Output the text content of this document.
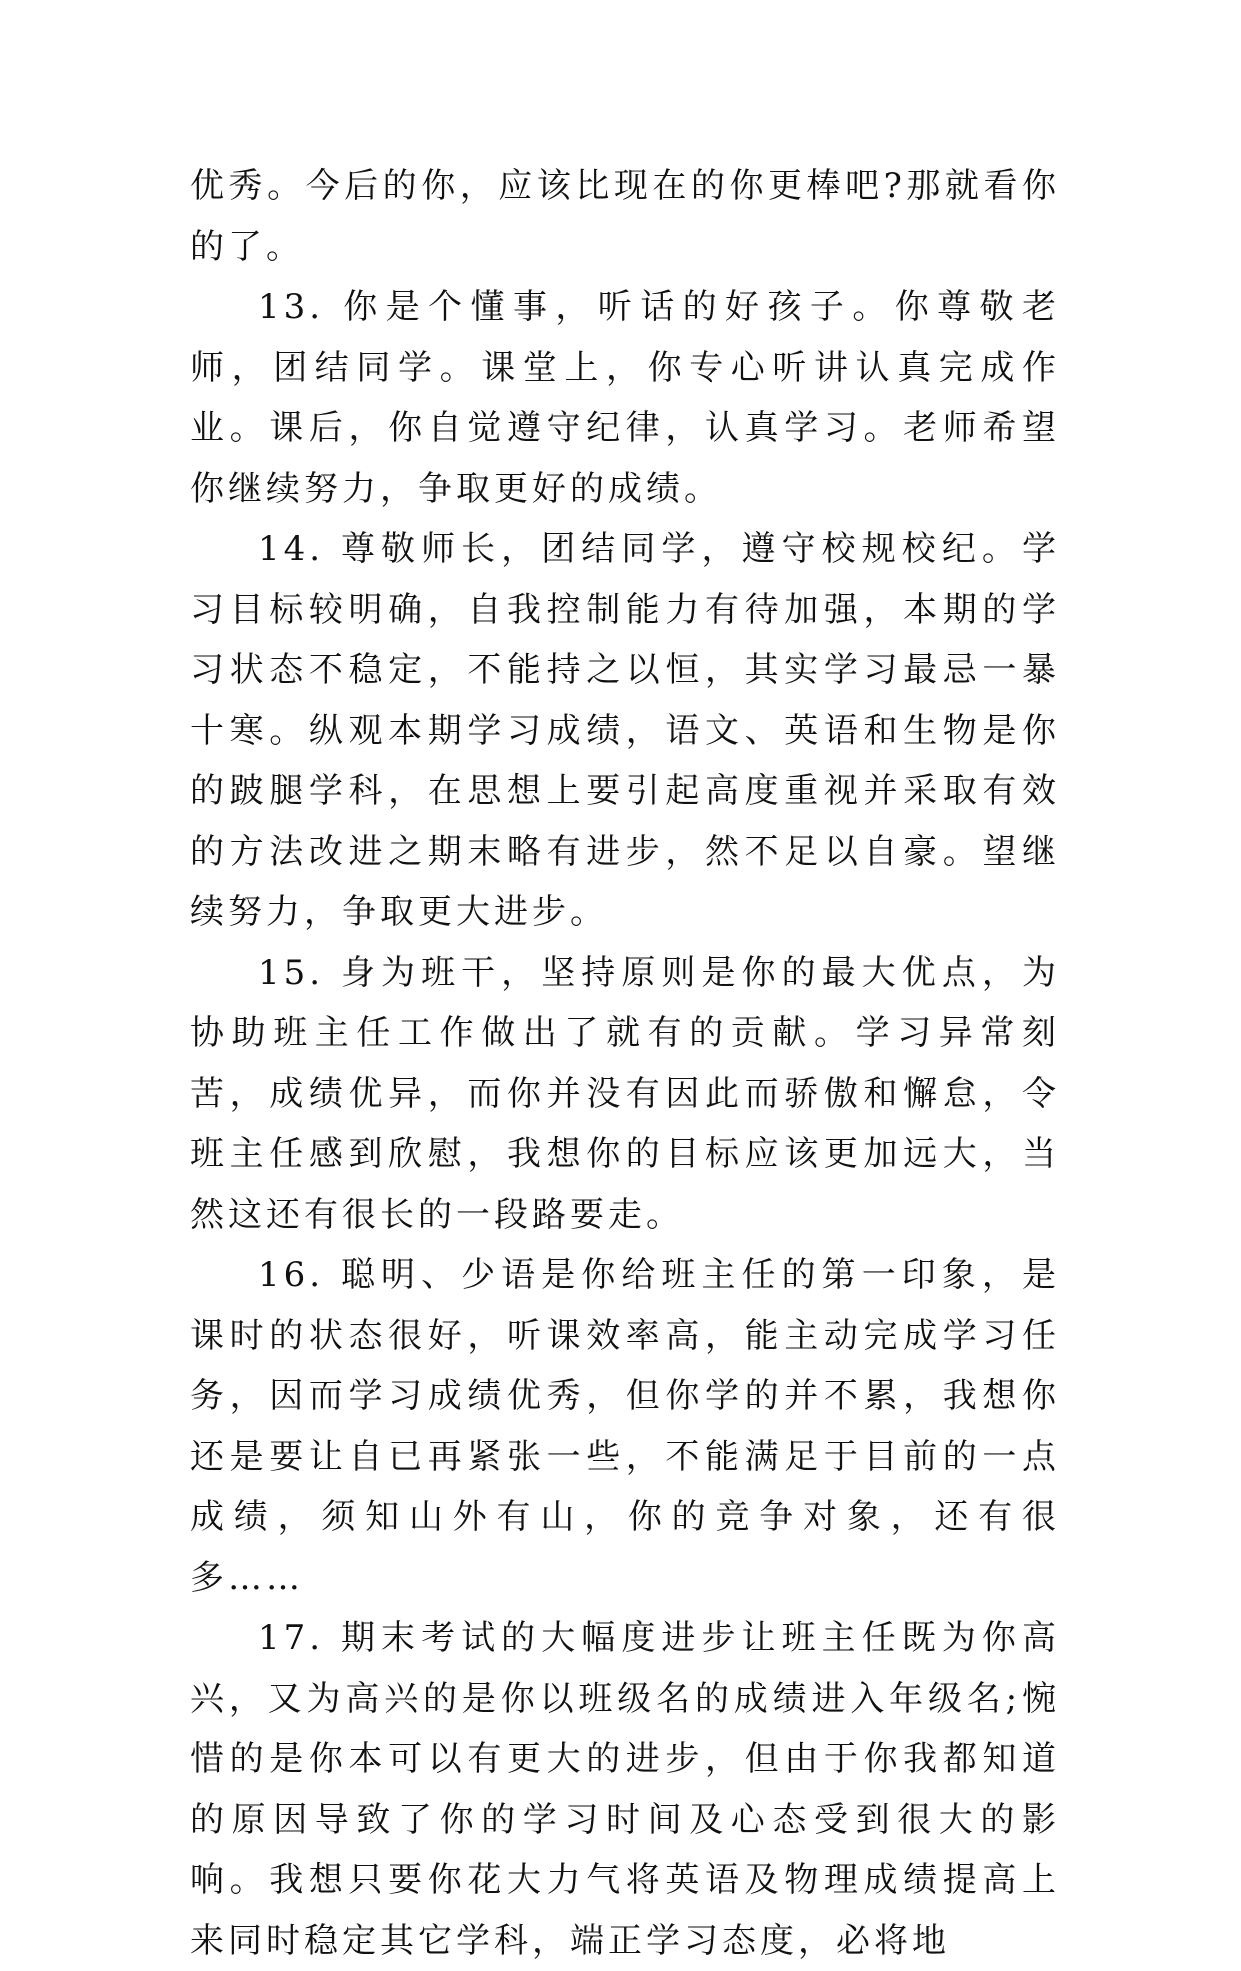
优秀。今后的你，应该比现在的你更棒吧?那就看你的了。

13. 你是个懂事，听话的好孩子。你尊敬老师，团结同学。课堂上，你专心听讲认真完成作业。课后，你自觉遵守纪律，认真学习。老师希望你继续努力，争取更好的成绩。

14. 尊敬师长，团结同学，遵守校规校纪。学习目标较明确，自我控制能力有待加强，本期的学习状态不稳定，不能持之以恒，其实学习最忌一暴十寒。纵观本期学习成绩，语文、英语和生物是你的跛腿学科，在思想上要引起高度重视并采取有效的方法改进之期末略有进步，然不足以自豪。望继续努力，争取更大进步。

15. 身为班干，坚持原则是你的最大优点，为协助班主任工作做出了就有的贡献。学习异常刻苦，成绩优异，而你并没有因此而骄傲和懈怠，令班主任感到欣慰，我想你的目标应该更加远大，当然这还有很长的一段路要走。

16. 聪明、少语是你给班主任的第一印象，是课时的状态很好，听课效率高，能主动完成学习任务，因而学习成绩优秀，但你学的并不累，我想你还是要让自已再紧张一些，不能满足于目前的一点成绩，须知山外有山，你的竞争对象，还有很多……

17. 期末考试的大幅度进步让班主任既为你高兴，又为高兴的是你以班级名的成绩进入年级名;惋惜的是你本可以有更大的进步，但由于你我都知道的原因导致了你的学习时间及心态受到很大的影响。我想只要你花大力气将英语及物理成绩提高上来同时稳定其它学科，端正学习态度，必将地
